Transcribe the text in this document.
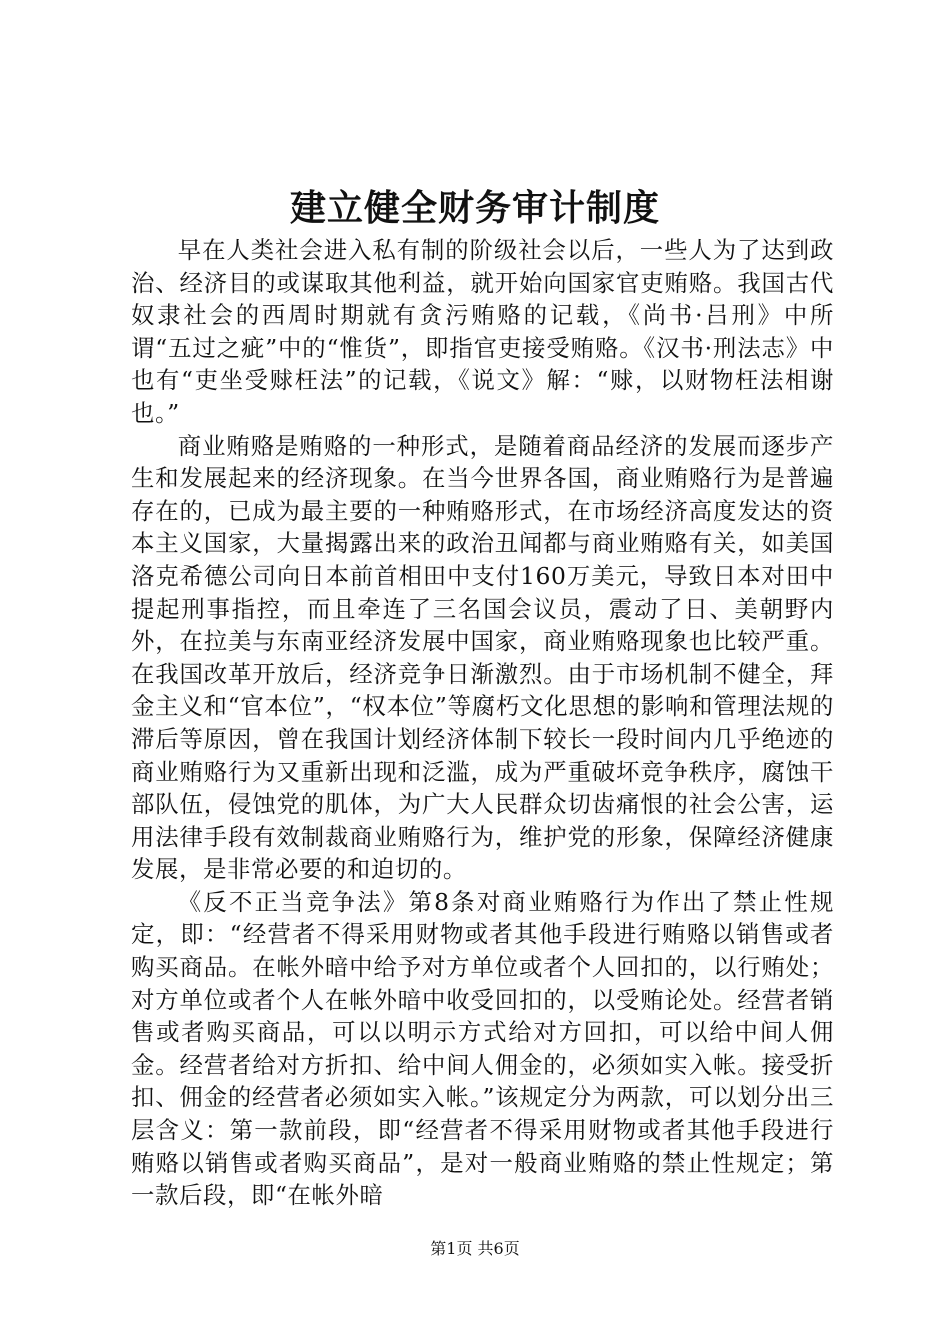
建立健全财务审计制度

早在人类社会进入私有制的阶级社会以后，一些人为了达到政治、经济目的或谋取其他利益，就开始向国家官吏贿赂。我国古代奴隶社会的西周时期就有贪污贿赂的记载，《尚书·吕刑》中所谓“五过之疵”中的“惟货”，即指官吏接受贿赂。《汉书·刑法志》中也有“吏坐受赇枉法”的记载，《说文》解：“赇，以财物枉法相谢也。”

商业贿赂是贿赂的一种形式，是随着商品经济的发展而逐步产生和发展起来的经济现象。在当今世界各国，商业贿赂行为是普遍存在的，已成为最主要的一种贿赂形式，在市场经济高度发达的资本主义国家，大量揭露出来的政治丑闻都与商业贿赂有关，如美国洛克希德公司向日本前首相田中支付160万美元，导致日本对田中提起刑事指控，而且牵连了三名国会议员，震动了日、美朝野内外，在拉美与东南亚经济发展中国家，商业贿赂现象也比较严重。在我国改革开放后，经济竞争日渐激烈。由于市场机制不健全，拜金主义和“官本位”，“权本位”等腐朽文化思想的影响和管理法规的滞后等原因，曾在我国计划经济体制下较长一段时间内几乎绝迹的商业贿赂行为又重新出现和泛滥，成为严重破坏竞争秩序，腐蚀干部队伍，侵蚀党的肌体，为广大人民群众切齿痛恨的社会公害，运用法律手段有效制裁商业贿赂行为，维护党的形象，保障经济健康发展，是非常必要的和迫切的。

《反不正当竞争法》第8条对商业贿赂行为作出了禁止性规定，即：“经营者不得采用财物或者其他手段进行贿赂以销售或者购买商品。在帐外暗中给予对方单位或者个人回扣的，以行贿处；对方单位或者个人在帐外暗中收受回扣的，以受贿论处。经营者销售或者购买商品，可以以明示方式给对方回扣，可以给中间人佣金。经营者给对方折扣、给中间人佣金的，必须如实入帐。接受折扣、佣金的经营者必须如实入帐。”该规定分为两款，可以划分出三层含义：第一款前段，即“经营者不得采用财物或者其他手段进行贿赂以销售或者购买商品”，是对一般商业贿赂的禁止性规定；第一款后段，即“在帐外暗

第1页 共6页
